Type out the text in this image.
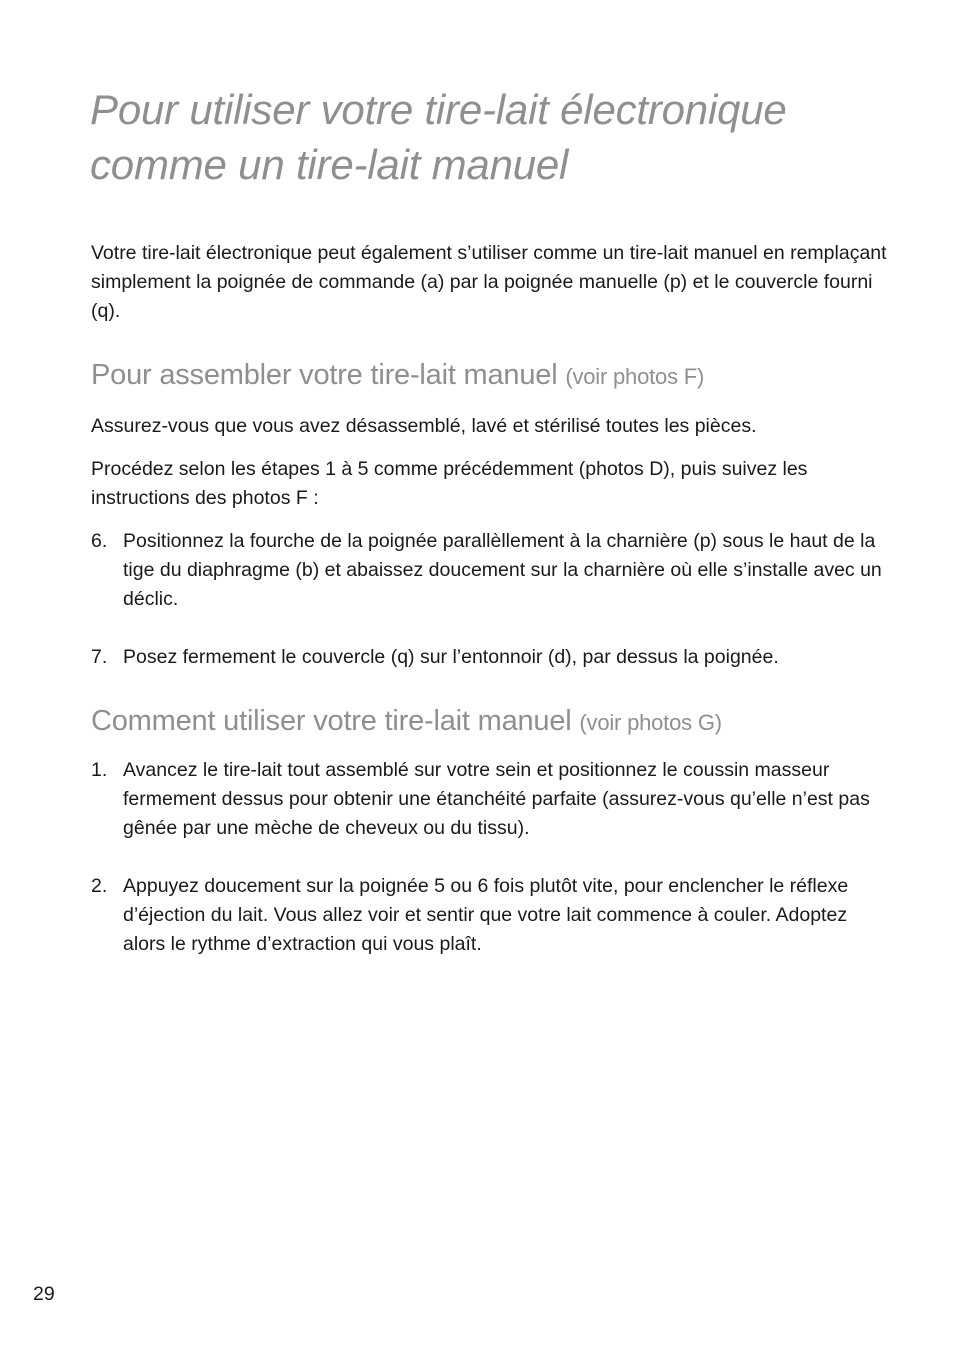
Pour utiliser votre tire-lait électronique
comme un tire-lait manuel

Votre tire-lait électronique peut également s’utiliser comme un tire-lait manuel en remplaçant simplement la poignée de commande (a) par la poignée manuelle (p) et le couvercle fourni (q).

Pour assembler votre tire-lait manuel (voir photos F)

Assurez-vous que vous avez désassemblé, lavé et stérilisé toutes les pièces.

Procédez selon les étapes 1 à 5 comme précédemment (photos D), puis suivez les instructions des photos F :

6. Positionnez la fourche de la poignée parallèllement à la charnière (p) sous le haut de la tige du diaphragme (b) et abaissez doucement sur la charnière où elle s’installe avec un déclic.
7. Posez fermement le couvercle (q) sur l’entonnoir (d), par dessus la poignée.
Comment utiliser votre tire-lait manuel (voir photos G)
1. Avancez le tire-lait tout assemblé sur votre sein et positionnez le coussin masseur fermement dessus pour obtenir une étanchéité parfaite (assurez-vous qu’elle n’est pas gênée par une mèche de cheveux ou du tissu).
2. Appuyez doucement sur la poignée 5 ou 6 fois plutôt vite, pour enclencher le réflexe d’éjection du lait. Vous allez voir et sentir que votre lait commence à couler. Adoptez alors le rythme d’extraction qui vous plaît.
29
